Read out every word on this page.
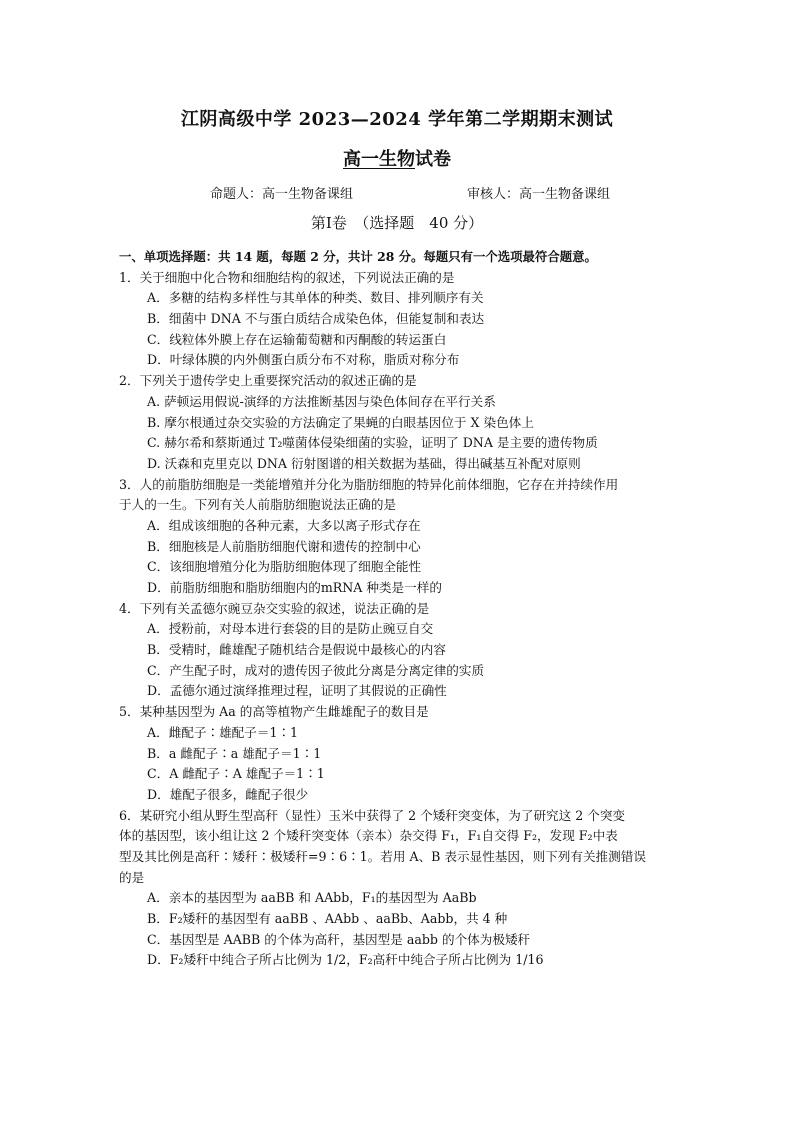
江阴高级中学 2023—2024 学年第二学期期末测试
高一生物试卷
命题人：高一生物备课组	审核人：高一生物备课组
第Ⅰ卷　（选择题　40 分）
一、单项选择题：共 14 题，每题 2 分，共计 28 分。每题只有一个选项最符合题意。
1．关于细胞中化合物和细胞结构的叙述，下列说法正确的是
A．多糖的结构多样性与其单体的种类、数目、排列顺序有关
B．细菌中 DNA 不与蛋白质结合成染色体，但能复制和表达
C．线粒体外膜上存在运输葡萄糖和丙酮酸的转运蛋白
D．叶绿体膜的内外侧蛋白质分布不对称，脂质对称分布
2．下列关于遗传学史上重要探究活动的叙述正确的是
A. 萨顿运用假说-演绎的方法推断基因与染色体间存在平行关系
B. 摩尔根通过杂交实验的方法确定了果蝇的白眼基因位于 X 染色体上
C. 赫尔希和蔡斯通过 T₂噬菌体侵染细菌的实验，证明了 DNA 是主要的遗传物质
D. 沃森和克里克以 DNA 衍射图谱的相关数据为基础，得出碱基互补配对原则
3．人的前脂肪细胞是一类能增殖并分化为脂肪细胞的特异化前体细胞，它存在并持续作用
于人的一生。下列有关人前脂肪细胞说法正确的是
A．组成该细胞的各种元素，大多以离子形式存在
B．细胞核是人前脂肪细胞代谢和遗传的控制中心
C．该细胞增殖分化为脂肪细胞体现了细胞全能性
D．前脂肪细胞和脂肪细胞内的mRNA 种类是一样的
4．下列有关孟德尔豌豆杂交实验的叙述，说法正确的是
A．授粉前，对母本进行套袋的目的是防止豌豆自交
B．受精时，雌雄配子随机结合是假说中最核心的内容
C．产生配子时，成对的遗传因子彼此分离是分离定律的实质
D．孟德尔通过演绎推理过程，证明了其假说的正确性
5．某种基因型为 Aa 的高等植物产生雌雄配子的数目是
A．雌配子∶雄配子＝1∶1
B．a 雌配子∶a 雄配子＝1∶1
C．A 雌配子∶A 雄配子＝1∶1
D．雄配子很多，雌配子很少
6．某研究小组从野生型高秆（显性）玉米中获得了 2 个矮秆突变体，为了研究这 2 个突变
体的基因型，该小组让这 2 个矮秆突变体（亲本）杂交得 F₁，F₁自交得 F₂，发现 F₂中表
型及其比例是高秆∶矮秆∶极矮秆=9∶6∶1。若用 A、B 表示显性基因，则下列有关推测错误
的是
A．亲本的基因型为 aaBB 和 AAbb，F₁的基因型为 AaBb
B．F₂矮秆的基因型有 aaBB 、AAbb 、aaBb、Aabb，共 4 种
C．基因型是 AABB 的个体为高秆，基因型是 aabb 的个体为极矮秆
D．F₂矮秆中纯合子所占比例为 1/2，F₂高秆中纯合子所占比例为 1/16
